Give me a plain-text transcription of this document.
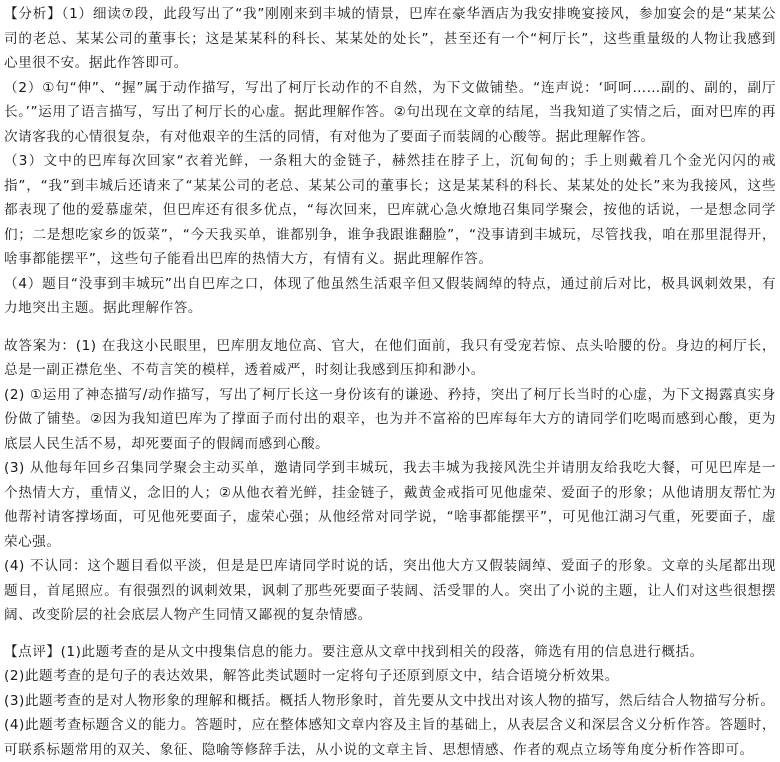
【分析】（1）细读⑦段，此段写出了“我”刚刚来到丰城的情景，巴库在豪华酒店为我安排晚宴接风，参加宴会的是“某某公司的老总、某某公司的董事长；这是某某科的科长、某某处的处长”，甚至还有一个“柯厅长”，这些重量级的人物让我感到心里很不安。据此作答即可。

（2）①句“伸”、“握”属于动作描写，写出了柯厅长动作的不自然，为下文做铺垫。“连声说：‘呵呵……副的、副的，副厅长。’”运用了语言描写，写出了柯厅长的心虚。据此理解作答。②句出现在文章的结尾，当我知道了实情之后，面对巴库的再次请客我的心情很复杂，有对他艰辛的生活的同情，有对他为了要面子而装阔的心酸等。据此理解作答。

（3）文中的巴库每次回家“衣着光鲜，一条粗大的金链子，赫然挂在脖子上，沉甸甸的；手上则戴着几个金光闪闪的戒指”，“我”到丰城后还请来了“某某公司的老总、某某公司的董事长；这是某某科的科长、某某处的处长”来为我接风，这些都表现了他的爱慕虚荣，但巴库还有很多优点，“每次回来，巴库就心急火燎地召集同学聚会，按他的话说，一是想念同学们；二是想吃家乡的饭菜”，“今天我买单，谁都别争，谁争我跟谁翻脸”，“没事请到丰城玩，尽管找我，咱在那里混得开，啥事都能摆平”，这些句子能看出巴库的热情大方，有情有义。据此理解作答。

（4）题目“没事到丰城玩”出自巴库之口，体现了他虽然生活艰辛但又假装阔绰的特点，通过前后对比，极具讽刺效果，有力地突出主题。据此理解作答。

故答案为：(1) 在我这小民眼里，巴库朋友地位高、官大，在他们面前，我只有受宠若惊、点头哈腰的份。身边的柯厅长，总是一副正襟危坐、不苟言笑的模样，透着威严，时刻让我感到压抑和渺小。

(2) ①运用了神态描写/动作描写，写出了柯厅长这一身份该有的谦逊、矜持，突出了柯厅长当时的心虚，为下文揭露真实身份做了铺垫。②因为我知道巴库为了撑面子而付出的艰辛，也为并不富裕的巴库每年大方的请同学们吃喝而感到心酸，更为底层人民生活不易，却死要面子的假阔而感到心酸。

(3) 从他每年回乡召集同学聚会主动买单，邀请同学到丰城玩，我去丰城为我接风洗尘并请朋友给我吃大餐，可见巴库是一个热情大方，重情义，念旧的人；②从他衣着光鲜，挂金链子，戴黄金戒指可见他虚荣、爱面子的形象；从他请朋友帮忙为他帮衬请客撑场面，可见他死要面子，虚荣心强；从他经常对同学说，“啥事都能摆平”，可见他江湖习气重，死要面子，虚荣心强。

(4) 不认同：这个题目看似平淡，但是是巴库请同学时说的话，突出他大方又假装阔绰、爱面子的形象。文章的头尾都出现题目，首尾照应。有很强烈的讽刺效果，讽刺了那些死要面子装阔、活受罪的人。突出了小说的主题，让人们对这些很想摆阔、改变阶层的社会底层人物产生同情又鄙视的复杂情感。

【点评】(1)此题考查的是从文中搜集信息的能力。要注意从文章中找到相关的段落，筛选有用的信息进行概括。

(2)此题考查的是句子的表达效果，解答此类试题时一定将句子还原到原文中，结合语境分析效果。

(3)此题考查的是对人物形象的理解和概括。概括人物形象时，首先要从文中找出对该人物的描写，然后结合人物描写分析。

(4)此题考查标题含义的能力。答题时，应在整体感知文章内容及主旨的基础上，从表层含义和深层含义分析作答。答题时，可联系标题常用的双关、象征、隐喻等修辞手法，从小说的文章主旨、思想情感、作者的观点立场等角度分析作答即可。
